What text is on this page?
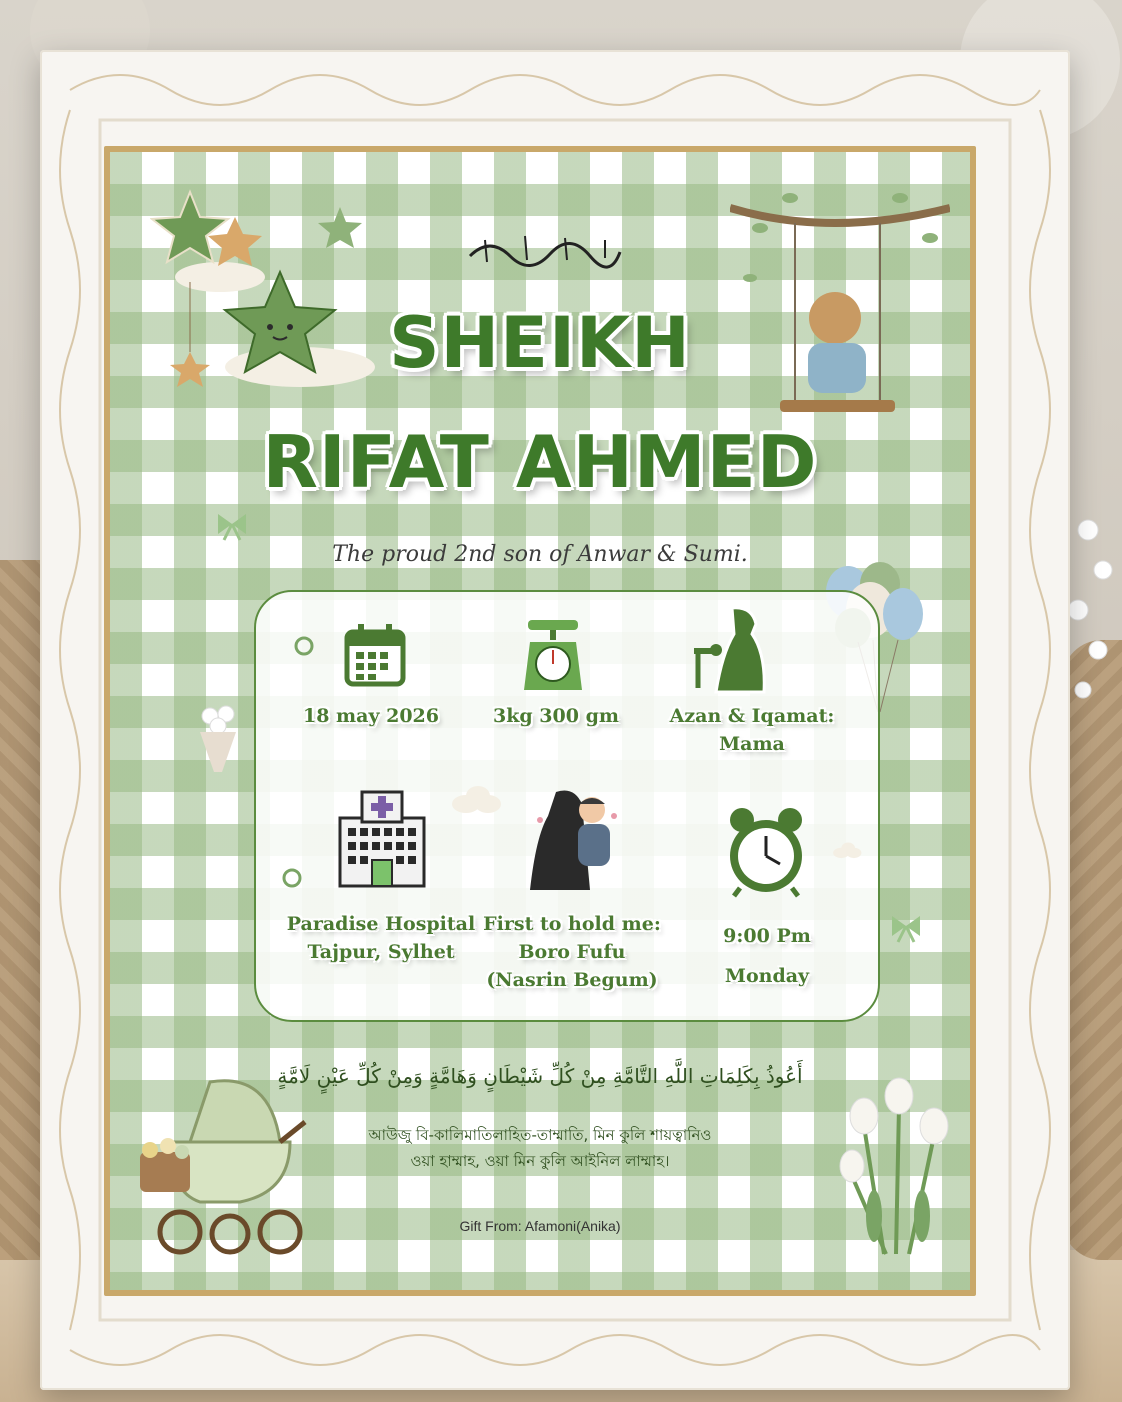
SHEIKH
RIFAT AHMED
The proud 2nd son of Anwar & Sumi.
18 may 2026	3kg 300 gm	Azan & Iqamat:
Mama
Paradise Hospital
Tajpur, Sylhet
First to hold me:
Boro Fufu
(Nasrin Begum)
9:00 Pm
Monday
أَعُوذُ بِكَلِمَاتِ اللَّهِ التَّامَّةِ مِنْ كُلِّ شَيْطَانٍ وَهَامَّةٍ وَمِنْ كُلِّ عَيْنٍ لَامَّةٍ
আউজু বি-কালিমাতিলাহিত-তাম্মাতি, মিন কুলি শায়ত্বানিও
ওয়া হাম্মাহ, ওয়া মিন কুলি আইনিল লাম্মাহ।
Gift From: Afamoni(Anika)
